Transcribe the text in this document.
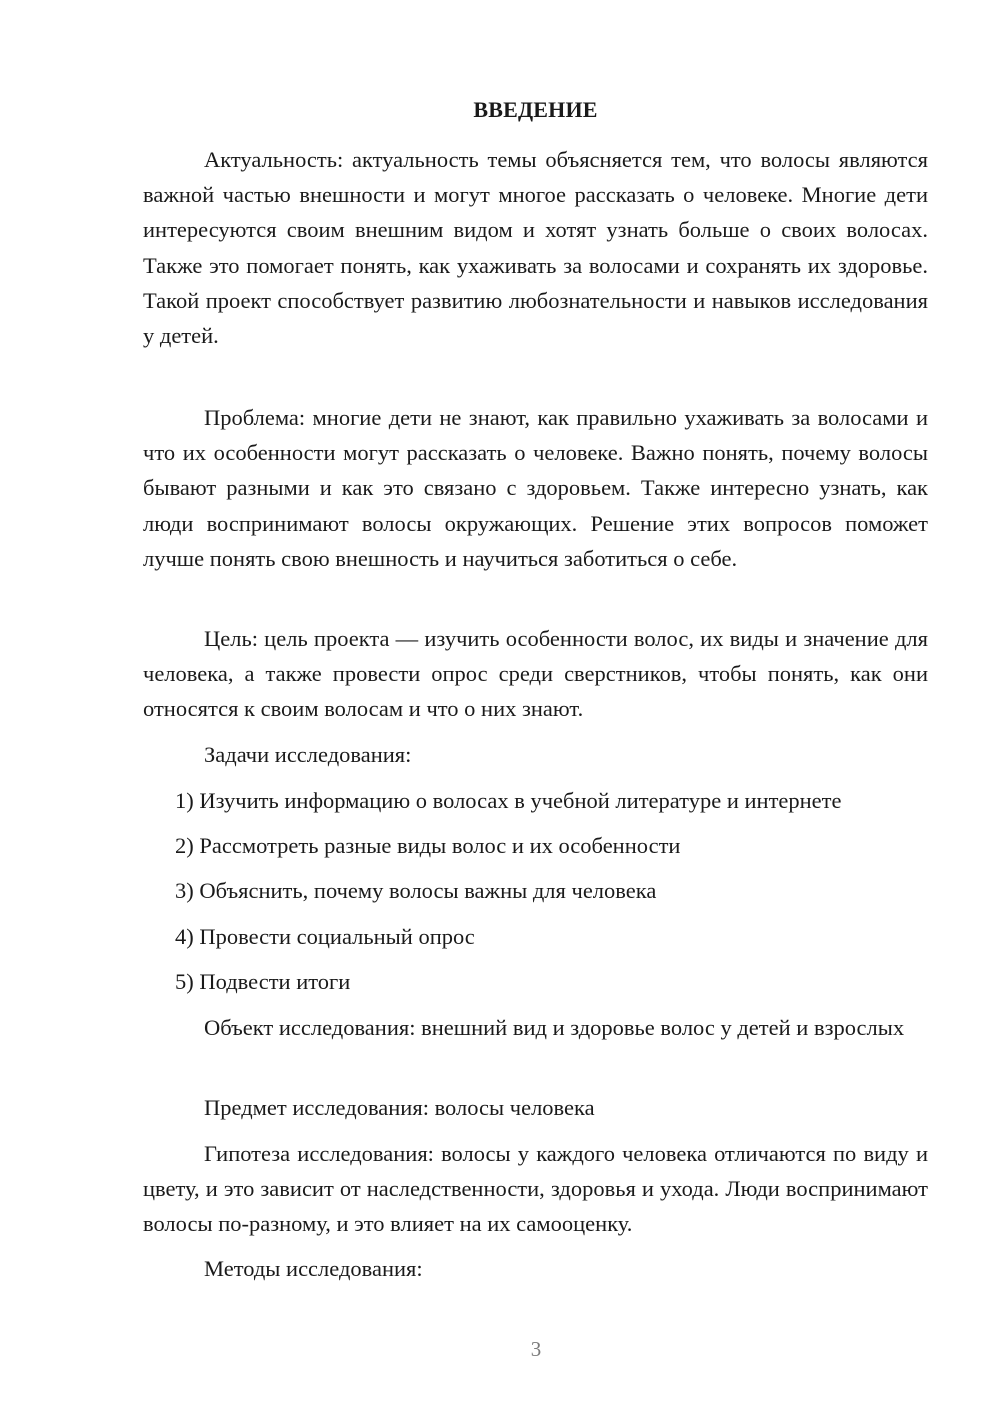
ВВЕДЕНИЕ

Актуальность: актуальность темы объясняется тем, что волосы являются важной частью внешности и могут многое рассказать о человеке. Многие дети интересуются своим внешним видом и хотят узнать больше о своих волосах. Также это помогает понять, как ухаживать за волосами и сохранять их здоровье. Такой проект способствует развитию любознательности и навыков исследования у детей.

Проблема: многие дети не знают, как правильно ухаживать за волосами и что их особенности могут рассказать о человеке. Важно понять, почему волосы бывают разными и как это связано с здоровьем. Также интересно узнать, как люди воспринимают волосы окружающих. Решение этих вопросов поможет лучше понять свою внешность и научиться заботиться о себе.

Цель: цель проекта — изучить особенности волос, их виды и значение для человека, а также провести опрос среди сверстников, чтобы понять, как они относятся к своим волосам и что о них знают.

Задачи исследования:

1) Изучить информацию о волосах в учебной литературе и интернете

2) Рассмотреть разные виды волос и их особенности

3) Объяснить, почему волосы важны для человека

4) Провести социальный опрос

5) Подвести итоги

Объект исследования: внешний вид и здоровье волос у детей и взрослых

Предмет исследования: волосы человека

Гипотеза исследования: волосы у каждого человека отличаются по виду и цвету, и это зависит от наследственности, здоровья и ухода. Люди воспринимают волосы по-разному, и это влияет на их самооценку.

Методы исследования:

3
